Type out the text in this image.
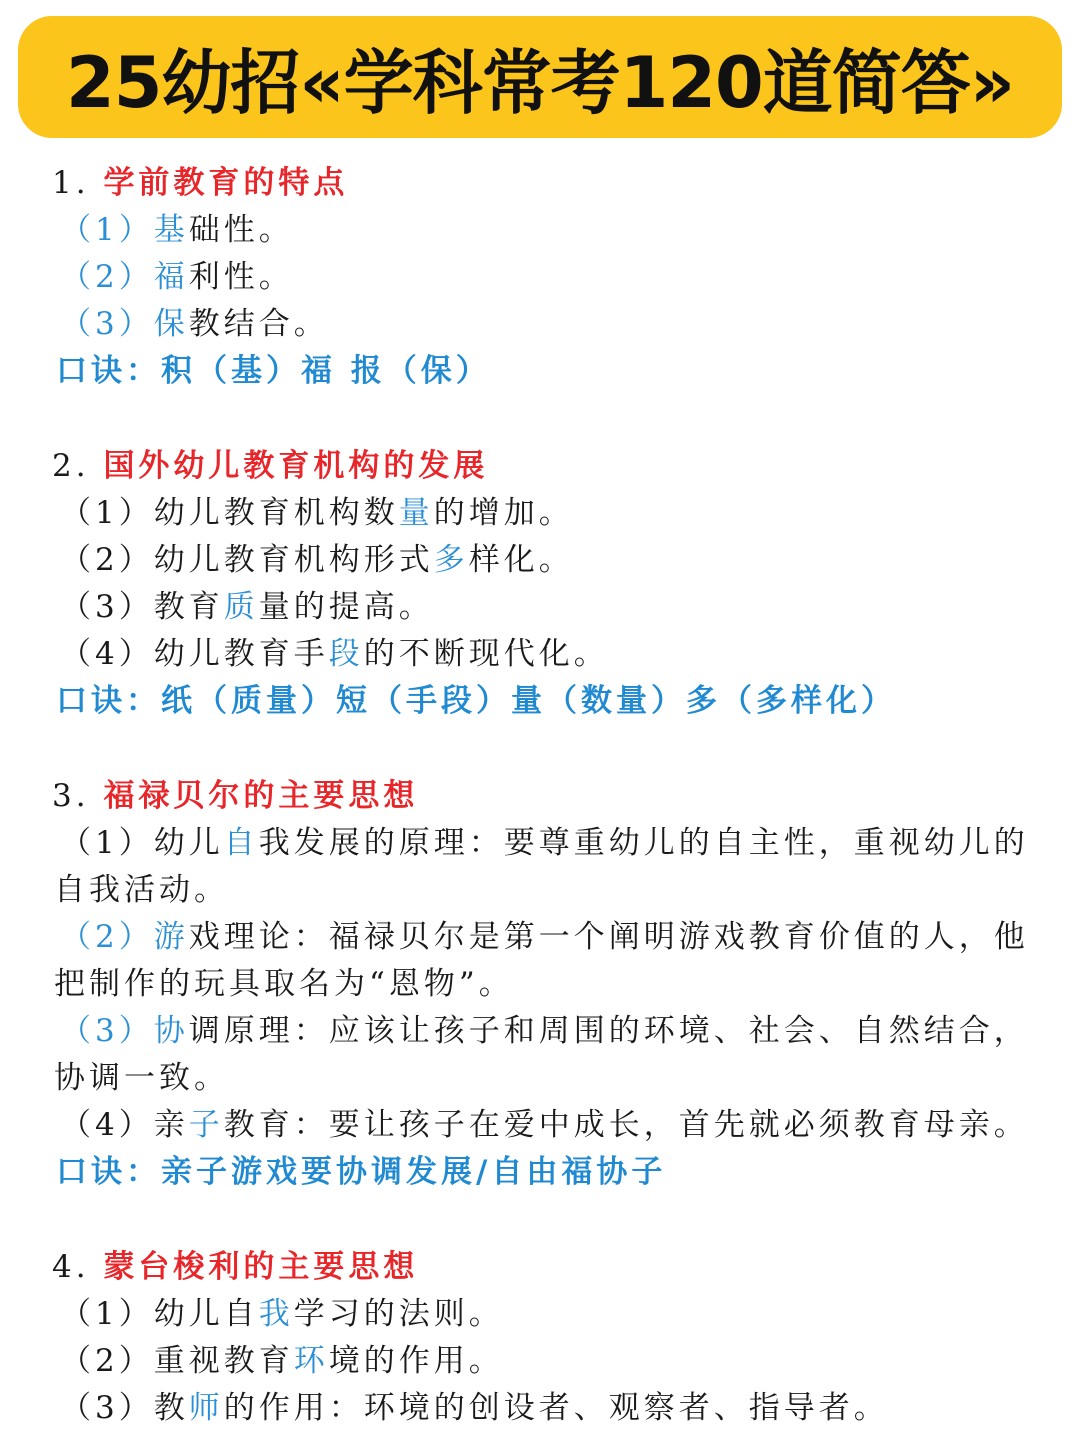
25幼招«学科常考120道简答»
1. 学前教育的特点
（1）基础性。
（2）福利性。
（3）保教结合。
口诀：积（基）福 报（保）
2. 国外幼儿教育机构的发展
（1）幼儿教育机构数量的增加。
（2）幼儿教育机构形式多样化。
（3）教育质量的提高。
（4）幼儿教育手段的不断现代化。
口诀：纸（质量）短（手段）量（数量）多（多样化）
3. 福禄贝尔的主要思想
（1）幼儿自我发展的原理：要尊重幼儿的自主性，重视幼儿的
自我活动。
（2）游戏理论：福禄贝尔是第一个阐明游戏教育价值的人，他
把制作的玩具取名为“恩物”。
（3）协调原理：应该让孩子和周围的环境、社会、自然结合，
协调一致。
（4）亲子教育：要让孩子在爱中成长，首先就必须教育母亲。
口诀：亲子游戏要协调发展/自由福协子
4. 蒙台梭利的主要思想
（1）幼儿自我学习的法则。
（2）重视教育环境的作用。
（3）教师的作用：环境的创设者、观察者、指导者。
